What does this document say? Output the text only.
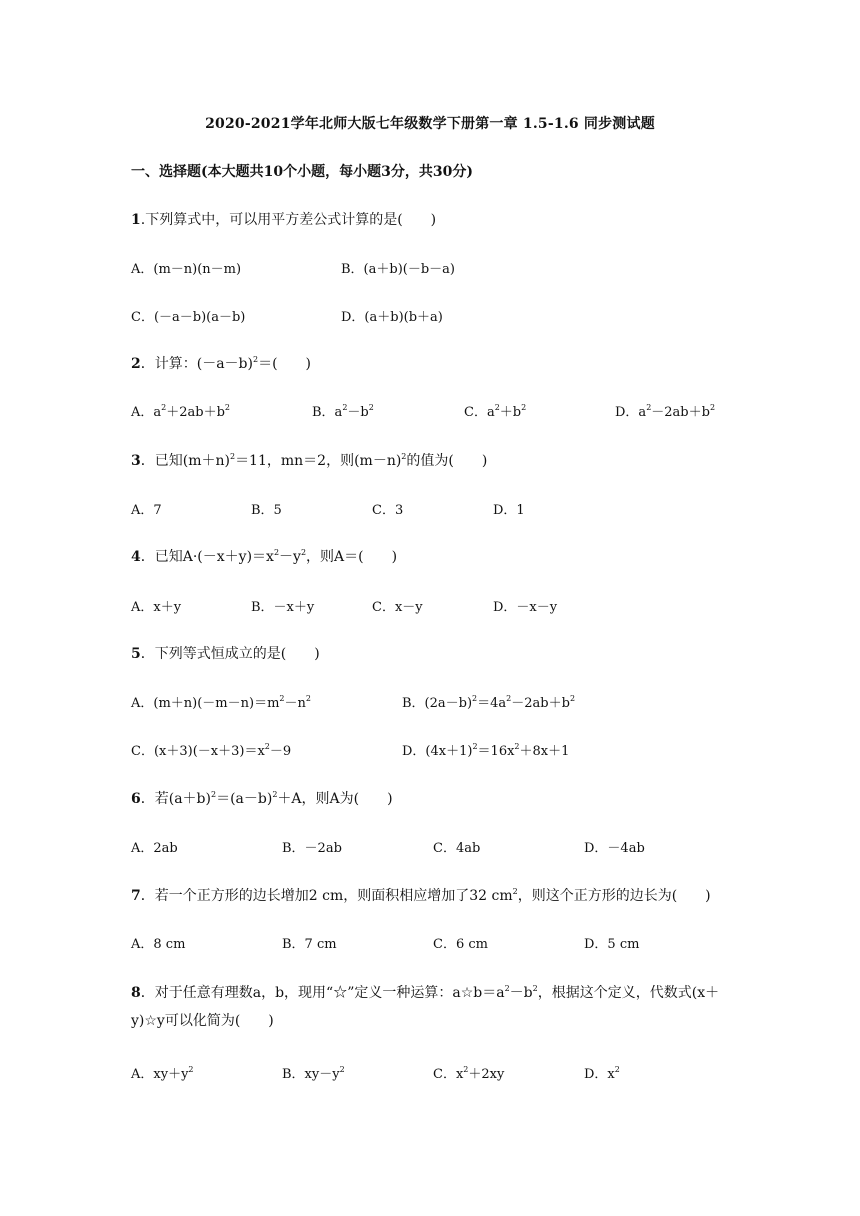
2020-2021学年北师大版七年级数学下册第一章 1.5-1.6 同步测试题
一、选择题(本大题共10个小题，每小题3分，共30分)
1.下列算式中，可以用平方差公式计算的是(　　)
A．(m－n)(n－m)	B．(a＋b)(－b－a)
C．(－a－b)(a－b)	D．(a＋b)(b＋a)
2．计算：$(-a-b)^2=$(　　)
A．$a^2+2ab+b^2$	B．$a^2-b^2$	C．$a^2+b^2$	D．$a^2-2ab+b^2$
3．已知$(m+n)^2=11$，mn＝2，则$(m-n)^2$的值为(　　)
A．7	B．5	C．3	D．1
4．已知$A\cdot(-x+y)=x^2-y^2$，则A＝(　　)
A．x＋y	B．－x＋y	C．x－y	D．－x－y
5．下列等式恒成立的是(　　)
A．$(m+n)(-m-n)=m^2-n^2$	B．$(2a-b)^2=4a^2-2ab+b^2$
C．$(x+3)(-x+3)=x^2-9$	D．$(4x+1)^2=16x^2+8x+1$
6．若$(a+b)^2=(a-b)^2+A$，则A为(　　)
A．2ab	B．－2ab	C．4ab	D．－4ab
7．若一个正方形的边长增加2 cm，则面积相应增加了32 $cm^2$，则这个正方形的边长为(　　)
A．8 cm	B．7 cm	C．6 cm	D．5 cm
8．对于任意有理数a，b，现用“☆”定义一种运算：$a☆b=a^2-b^2$，根据这个定义，代数式(x＋y)☆y可以化简为(　　)
A．$xy+y^2$	B．$xy-y^2$	C．$x^2+2xy$	D．$x^2$
